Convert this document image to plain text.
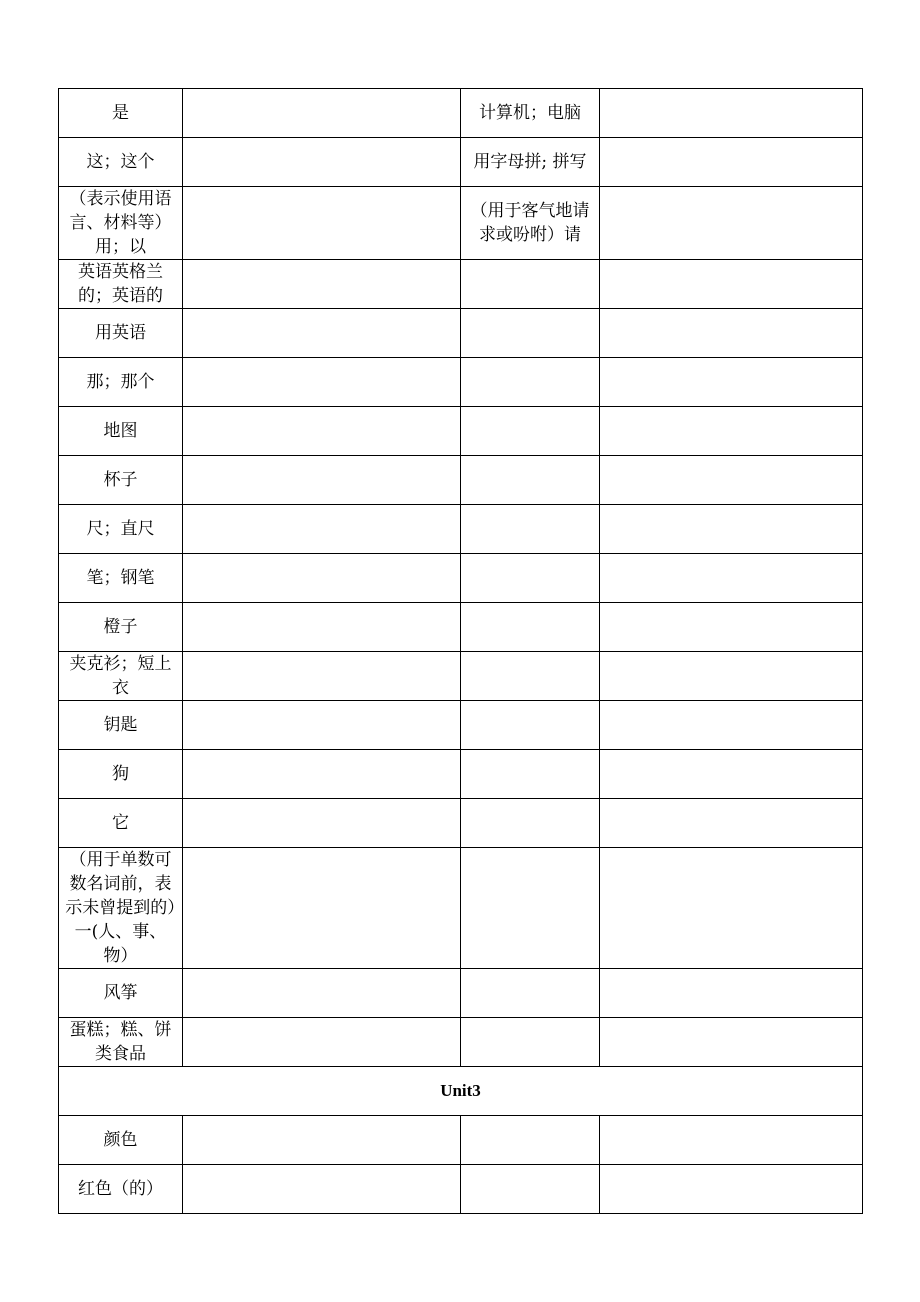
是		计算机；电脑	
这；这个		用字母拼; 拼写	
（表示使用语言、材料等）用；以		（用于客气地请求或吩咐）请	
英语英格兰的；英语的			
用英语			
那；那个			
地图			
杯子			
尺；直尺			
笔；钢笔			
橙子			
夹克衫；短上衣			
钥匙			
狗			
它			
（用于单数可数名词前，表示未曾提到的）一(人、事、物）			
风筝			
蛋糕；糕、饼类食品			
Unit3			
颜色			
红色（的）			
